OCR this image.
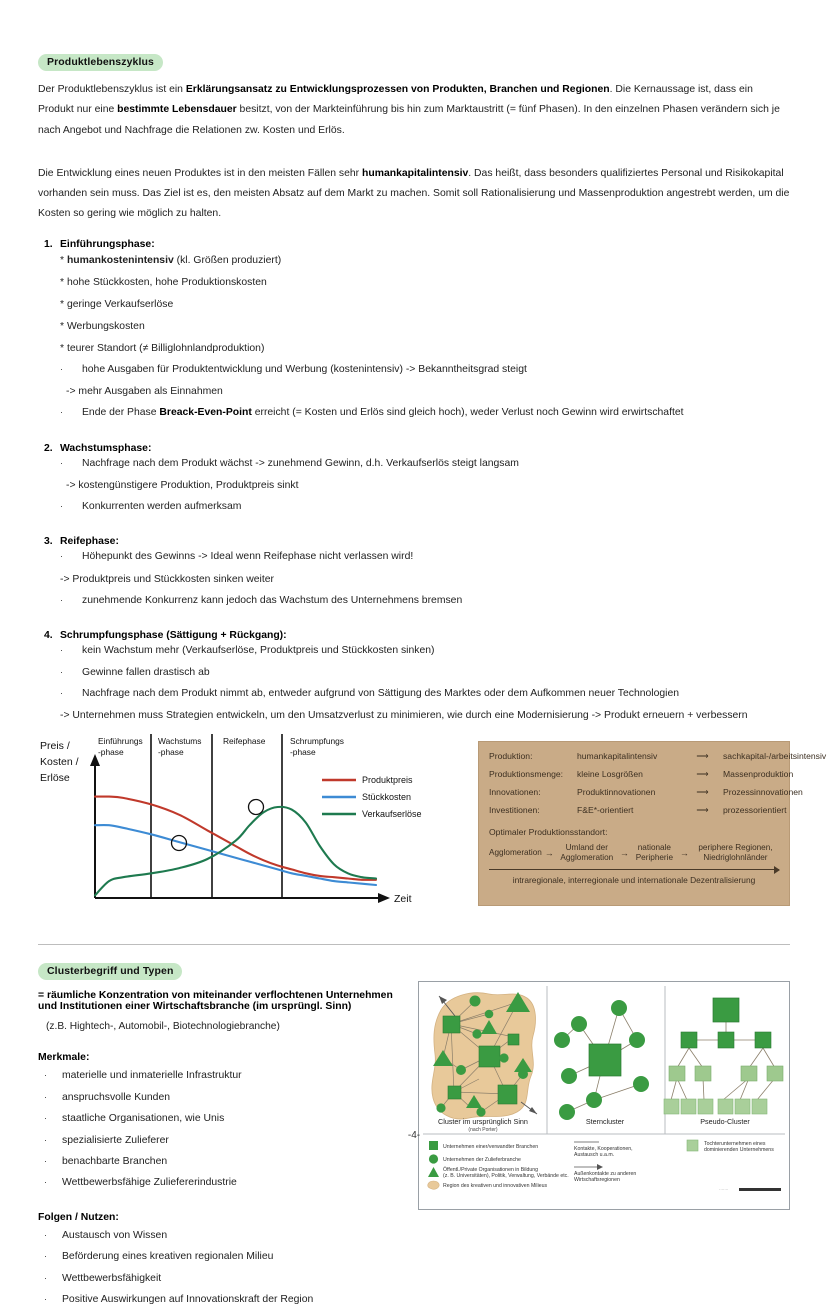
Produktlebenszyklus

Der Produktlebenszyklus ist ein Erklärungsansatz zu Entwicklungsprozessen von Produkten, Branchen und Regionen. Die Kernaussage ist, dass ein Produkt nur eine bestimmte Lebensdauer besitzt, von der Markteinführung bis hin zum Marktaustritt (= fünf Phasen). In den einzelnen Phasen verändern sich je nach Angebot und Nachfrage die Relationen zw. Kosten und Erlös.

Die Entwicklung eines neuen Produktes ist in den meisten Fällen sehr humankapitalintensiv. Das heißt, dass besonders qualifiziertes Personal und Risikokapital vorhanden sein muss. Das Ziel ist es, den meisten Absatz auf dem Markt zu machen. Somit soll Rationalisierung und Massenproduktion angestrebt werden, um die Kosten so gering wie möglich zu halten.

1. Einführungsphase:
* humankostenintensiv (kl. Größen produziert)
* hohe Stückkosten, hohe Produktionskosten
* geringe Verkaufserlöse
* Werbungskosten
* teurer Standort (≠ Billiglohnlandproduktion)
· hohe Ausgaben für Produktentwicklung und Werbung (kostenintensiv) -> Bekanntheitsgrad steigt
-> mehr Ausgaben als Einnahmen
· Ende der Phase Breack-Even-Point erreicht (= Kosten und Erlös sind gleich hoch), weder Verlust noch Gewinn wird erwirtschaftet
2. Wachstumsphase:
· Nachfrage nach dem Produkt wächst -> zunehmend Gewinn, d.h. Verkaufserlös steigt langsam
-> kostengünstigere Produktion, Produktpreis sinkt
· Konkurrenten werden aufmerksam
3. Reifephase:
· Höhepunkt des Gewinns -> Ideal wenn Reifephase nicht verlassen wird!
-> Produktpreis und Stückkosten sinken weiter
· zunehmende Konkurrenz kann jedoch das Wachstum des Unternehmens bremsen
4. Schrumpfungsphase (Sättigung + Rückgang):
· kein Wachstum mehr (Verkaufserlöse, Produktpreis und Stückkosten sinken)
· Gewinne fallen drastisch ab
· Nachfrage nach dem Produkt nimmt ab, entweder aufgrund von Sättigung des Marktes oder dem Aufkommen neuer Technologien
-> Unternehmen muss Strategien entwickeln, um den Umsatzverlust zu minimieren, wie durch eine Modernisierung -> Produkt erneuern + verbessern
Preis /
Kosten /
Erlöse
Einführungs
-phase
Wachstums
-phase
Reifephase	Schrumpfungs
-phase
Zeit
Produktpreis
Stückkosten
Verkaufserlöse
Produktion:	humankapitalintensiv	⟶	sachkapital-/arbeitsintensiv
Produktionsmenge:	kleine Losgrößen	⟶	Massenproduktion
Innovationen:	Produktinnovationen	⟶	Prozessinnovationen
Investitionen:	F&E*-orientiert	⟶	prozessorientiert
Optimaler Produktionsstandort:
Agglomeration →	Umland der Agglomeration →	nationale Peripherie →	periphere Regionen, Niedriglohnländer
intraregionale, interregionale und internationale Dezentralisierung
Clusterbegriff und Typen

= räumliche Konzentration von miteinander verflochtenen Unternehmen und Institutionen einer Wirtschaftsbranche (im ursprüngl. Sinn)

(z.B. Hightech-, Automobil-, Biotechnologiebranche)

Merkmale:
· materielle und inmaterielle Infrastruktur
· anspruchsvolle Kunden
· staatliche Organisationen, wie Unis
· spezialisierte Zulieferer
· benachbarte Branchen
· Wettbewerbsfähige Zuliefererindustrie
Folgen / Nutzen:
· Austausch von Wissen
· Beförderung eines kreativen regionalen Milieu
· Wettbewerbsfähigkeit
· Positive Auswirkungen auf Innovationskraft der Region
Cluster im ursprünglich Sinn
(nach Porter)
Sterncluster	Pseudo-Cluster
Unternehmen einer/verwandter Branchen
Unternehmen der Zulieferbranche
Öffentl./Private Organisationen in Bildung
(z. B. Universitäten), Politik, Verwaltung, Verbände etc.
Region des kreativen und innovativen Milieus
Kontakte, Kooperationen,
Austausch u.a.m.
Außenkontakte zu anderen
Wirtschaftsregionen
Tochterunternehmen eines
dominierenden Unternehmens
·······
-4-
